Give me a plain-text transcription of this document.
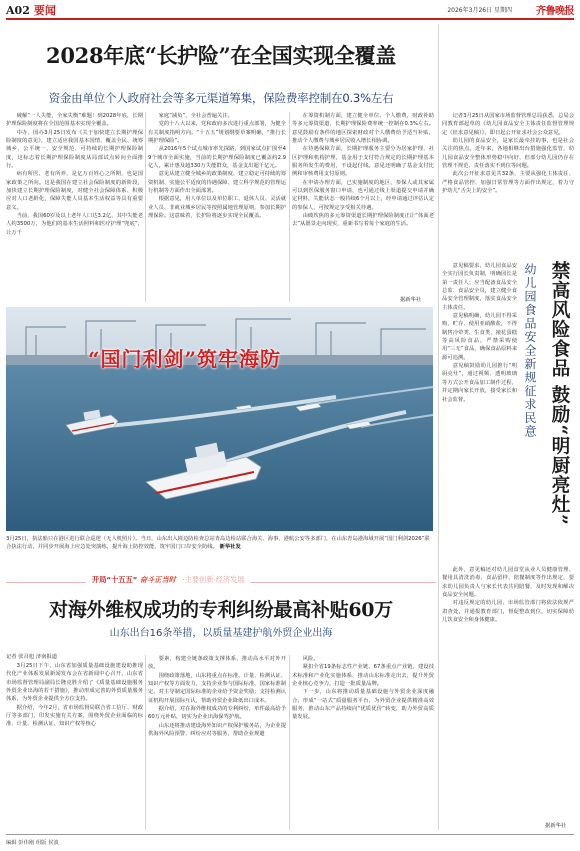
A02 要闻	2026年3月26日 星期四 齐鲁晚报
2028年底“长护险”在全国实现全覆盖
资金由单位个人政府社会等多元渠道筹集，保险费率控制在0.3%左右

破解“一人失能，全家失衡”难题！到2028年底，长期护理保险制度将在全国范围基本实现全覆盖。

中办、国办3月25日发布《关于加快建立长期护理保险制度的意见》，建立适应我国基本国情、覆盖全民、统筹城乡、公平统一、安全规范、可持续的长期护理保险制度，这标志着长期护理保险制度从局部试点转向全面推行。

病有所医、老有所养，是亿万百姓心之所期，也是国家政策之所向。这是我国在建立社会保险制度的新阶段，加快建立长期护理保险制度，对健全社会保障体系、积极应对人口老龄化，保障失能人员基本生活权益等具有重要意义。

当前，我国60岁及以上老年人口达3.2亿，其中失能老人约3500万，为他们的基本生活照料和医疗护理“兜底”，让万千

家庭“减负”，全社会普遍关注。

党的十八大以来，党和政府多次进行重点部署，为健全有关制度指明方向。“十五五”规划纲要草案明确，“推行长期护理保险”。

从2016年5个试点城市率先探路，到国家试点扩围至49个城市全面实施，当前的长期护理保险制度已覆盖约2.9亿人，累计惠及超330万失能群众，基金支出超千亿元。

意见从建立健全城乡的政策制度、建立稳定可持续的筹资机制、实施公平适度的待遇保障、建立科学规范的管理运行机制等方面作出全面部署。

根据意见，用人单位以及单位职工、退休人员、灵活就业人员、非就业城乡居民等按照属地管理原则，参加长期护理保险。这意味着，长护险将逐步实现全民覆盖。

在筹资机制方面，建立健全单位、个人缴费，财政补助等多元筹资渠道，长期护理保险费率统一控制在0.3%左右。意见鼓励有条件的地区探索财政对个人缴费给予适当补贴，推动个人缴费与城乡居民收入增长相协调。

在待遇保障方面，长期护理服务主要分为居家护理、社区护理和机构护理，基金用于支付符合规定的长期护理基本服务所发生的费用，不设起付线。意见还明确了基金支付比例和审核费用支付原则。

在申请办理方面，已实施制度的地区，参保人或其家属可以到医保服务窗口申请，也可通过线上渠道提交申请并确定材料，失能状态一般待续6个月以上，经申请通过评估认定的参保人，可按规定享受相关待遇。

由破坎焦的多元筹资渠道长期护理保险制度正让“体面老去”从愿景走向现实，重新书写着每个家庭的生活。

据新华社
“国门利剑”筑牢海防
3月25日，执法船只在港区进行联合巡逻（无人机照片）。当日，山东出入境边防检查总站青岛边检站联合海关、海事、港航公安等多部门，在山东青岛港海域开展“国门利剑2026”联合执法行动，并同步开展海上应急处突演练，提升海上防控效能，筑牢国门口岸安全防线。 新华社发
开局“十五五” 奋斗正当时 ·主要创新·经济发展
对海外维权成功的专利纠纷最高补贴60万
山东出台16条举措，以质量基建护航外贸企业出海
记者 张召旭 济南报道

3月25日下午，山东省加强质量基础设施建设助推现代化产业体系发展新闻发布会在省新闻中心召开，山东省市场监督管理局副局长隆克胜介绍了《质量基础设施服务外贸企业出海的若干措施》，推动形成完善的外贸质量服务体系，为外贸企业提供全方位支持。

据介绍，今年2月，省市场监督局联合省工信厅、财政厅等多部门，印发实施有关方案，围绕外贸企业面临的标准、计量、检测认证、知识产权等核心

要素，构建全链条政策支撑体系，推动高水平对外开放。

围绕政策落地，山东将重点在标准、计量、检测认证、知识产权等方面发力，支持企业参与国际标准、国家标准制定，对主导制定国际标准的企业给予资金奖励；支持检测认证机构开展国际互认，帮助外贸企业降低出口成本。

据介绍，对在海外维权成功的专利纠纷，单件最高给予60万元补贴，切实为企业出海保驾护航。

山东还将推动建设海外知识产权保护服务站，为企业提供海外风险预警、纠纷应对等服务，帮助企业规避

风险。

紧扣全省19条标志性产业链、67条重点产业链，建设技术标准和产业化实施体系，推动山东标准走出去，提升外贸企业核心竞争力，打造一批质量品牌。

下一步，山东将推动质量基础设施与外贸企业深度融合，形成“一站式”质量服务平台，为外贸企业提供精准高效服务，推动山东产品持续向“优质优价”转变，助力外贸高质量发展。

记者3月25日从国家市场监督管理总局获悉，总局会同教育部起草的《幼儿园食品安全主体责任监督管理规定（征求意见稿）》，即日起公开征求社会公众意见。

幼儿园的食品安全，是家长最牵挂的事，也是社会关注的焦点。近年来，各地相继出台措施强化监管，幼儿园食品安全整体形势稳中向好，但部分幼儿园仍存在管理不规范、责任落实不到位等问题。

此次公开征求意见共32条，主要从强化主体责任、严格食品管控、加强日常管理等方面作出规定，着力守护幼儿“舌尖上的安全”。

意见稿要求，幼儿园食品安全实行园长负责制，明确园长是第一责任人；应当配备食品安全总监、食品安全员，建立健全食品安全管理制度，落实食品安全主体责任。

意见稿明确，幼儿园不得采购、贮存、使用亚硝酸盐，不得制售冷荤类、生食类、裱花蛋糕等高风险食品，严禁采购使用“三无”食品，确保食品原料来源可追溯。

意见稿鼓励幼儿园推行“明厨亮灶”，通过视频、透明玻璃等方式公开食品加工制作过程，并定期向家长开放，接受家长和社会监督。	幼儿园食品安全新规征求民意 禁高风险食品 鼓励“明厨亮灶”

此外，意见稿还对幼儿园食堂从业人员健康管理、餐用具清洗消毒、食品留样、陪餐制度等作出规定，要求幼儿园负责人与家长代表共同陪餐，及时发现和解决食品安全问题。

对违反规定的幼儿园，市场监管部门将依法依规严肃查处，并通报教育部门，督促整改到位，切实保障幼儿饮食安全和身体健康。

据新华社
编辑 彭伟刚 组版 侯波
